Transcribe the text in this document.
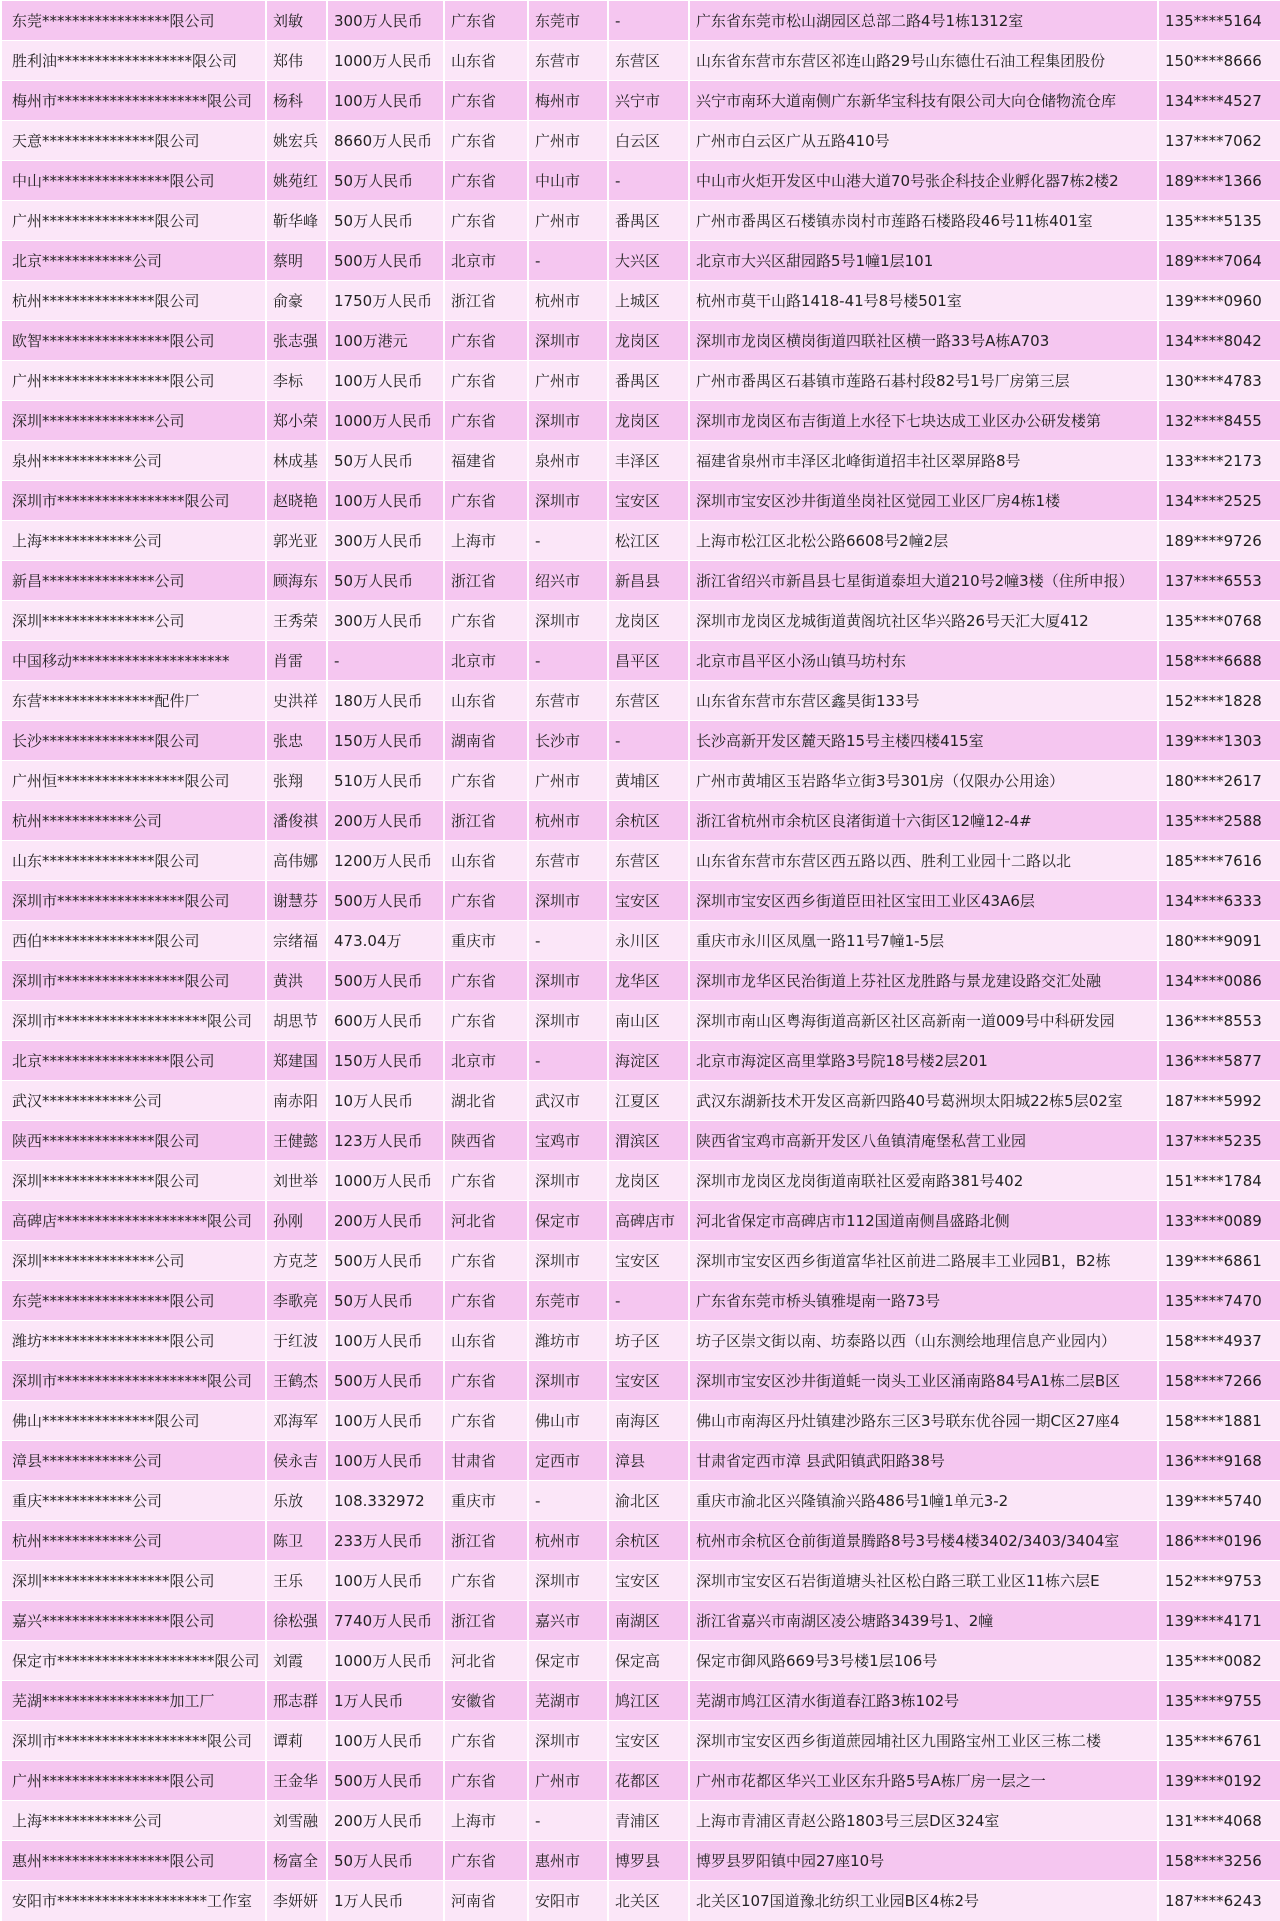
东莞*****************限公司	刘敏	300万人民币	广东省	东莞市	-	广东省东莞市松山湖园区总部二路4号1栋1312室	135****5164
胜利油******************限公司	郑伟	1000万人民币	山东省	东营市	东营区	山东省东营市东营区祁连山路29号山东德仕石油工程集团股份	150****8666
梅州市********************限公司	杨科	100万人民币	广东省	梅州市	兴宁市	兴宁市南环大道南侧广东新华宝科技有限公司大向仓储物流仓库	134****4527
天意***************限公司	姚宏兵	8660万人民币	广东省	广州市	白云区	广州市白云区广从五路410号	137****7062
中山*****************限公司	姚苑红	50万人民币	广东省	中山市	-	中山市火炬开发区中山港大道70号张企科技企业孵化器7栋2楼2	189****1366
广州***************限公司	靳华峰	50万人民币	广东省	广州市	番禺区	广州市番禺区石楼镇赤岗村市莲路石楼路段46号11栋401室	135****5135
北京************公司	蔡明	500万人民币	北京市	-	大兴区	北京市大兴区甜园路5号1幢1层101	189****7064
杭州***************限公司	俞豪	1750万人民币	浙江省	杭州市	上城区	杭州市莫干山路1418-41号8号楼501室	139****0960
欧智*****************限公司	张志强	100万港元	广东省	深圳市	龙岗区	深圳市龙岗区横岗街道四联社区横一路33号A栋A703	134****8042
广州*****************限公司	李标	100万人民币	广东省	广州市	番禺区	广州市番禺区石碁镇市莲路石碁村段82号1号厂房第三层	130****4783
深圳***************公司	郑小荣	1000万人民币	广东省	深圳市	龙岗区	深圳市龙岗区布吉街道上水径下七块达成工业区办公研发楼第	132****8455
泉州************公司	林成基	50万人民币	福建省	泉州市	丰泽区	福建省泉州市丰泽区北峰街道招丰社区翠屏路8号	133****2173
深圳市*****************限公司	赵晓艳	100万人民币	广东省	深圳市	宝安区	深圳市宝安区沙井街道坐岗社区觉园工业区厂房4栋1楼	134****2525
上海************公司	郭光亚	300万人民币	上海市	-	松江区	上海市松江区北松公路6608号2幢2层	189****9726
新昌***************公司	顾海东	50万人民币	浙江省	绍兴市	新昌县	浙江省绍兴市新昌县七星街道泰坦大道210号2幢3楼（住所申报）	137****6553
深圳***************公司	王秀荣	300万人民币	广东省	深圳市	龙岗区	深圳市龙岗区龙城街道黄阁坑社区华兴路26号天汇大厦412	135****0768
中国移动*********************	肖雷	-	北京市	-	昌平区	北京市昌平区小汤山镇马坊村东	158****6688
东营***************配件厂	史洪祥	180万人民币	山东省	东营市	东营区	山东省东营市东营区鑫昊街133号	152****1828
长沙***************限公司	张忠	150万人民币	湖南省	长沙市	-	长沙高新开发区麓天路15号主楼四楼415室	139****1303
广州恒*****************限公司	张翔	510万人民币	广东省	广州市	黄埔区	广州市黄埔区玉岩路华立街3号301房（仅限办公用途）	180****2617
杭州************公司	潘俊祺	200万人民币	浙江省	杭州市	余杭区	浙江省杭州市余杭区良渚街道十六街区12幢12-4#	135****2588
山东***************限公司	高伟娜	1200万人民币	山东省	东营市	东营区	山东省东营市东营区西五路以西、胜利工业园十二路以北	185****7616
深圳市*****************限公司	谢慧芬	500万人民币	广东省	深圳市	宝安区	深圳市宝安区西乡街道臣田社区宝田工业区43A6层	134****6333
西伯***************限公司	宗绪福	473.04万	重庆市	-	永川区	重庆市永川区凤凰一路11号7幢1-5层	180****9091
深圳市*****************限公司	黄洪	500万人民币	广东省	深圳市	龙华区	深圳市龙华区民治街道上芬社区龙胜路与景龙建设路交汇处融	134****0086
深圳市********************限公司	胡思节	600万人民币	广东省	深圳市	南山区	深圳市南山区粤海街道高新区社区高新南一道009号中科研发园	136****8553
北京*****************限公司	郑建国	150万人民币	北京市	-	海淀区	北京市海淀区高里掌路3号院18号楼2层201	136****5877
武汉************公司	南赤阳	10万人民币	湖北省	武汉市	江夏区	武汉东湖新技术开发区高新四路40号葛洲坝太阳城22栋5层02室	187****5992
陕西***************限公司	王健懿	123万人民币	陕西省	宝鸡市	渭滨区	陕西省宝鸡市高新开发区八鱼镇清庵堡私营工业园	137****5235
深圳***************限公司	刘世举	1000万人民币	广东省	深圳市	龙岗区	深圳市龙岗区龙岗街道南联社区爱南路381号402	151****1784
高碑店********************限公司	孙刚	200万人民币	河北省	保定市	高碑店市	河北省保定市高碑店市112国道南侧昌盛路北侧	133****0089
深圳***************公司	方克芝	500万人民币	广东省	深圳市	宝安区	深圳市宝安区西乡街道富华社区前进二路展丰工业园B1，B2栋	139****6861
东莞*****************限公司	李歌亮	50万人民币	广东省	东莞市	-	广东省东莞市桥头镇雅堤南一路73号	135****7470
潍坊*****************限公司	于红波	100万人民币	山东省	潍坊市	坊子区	坊子区崇文街以南、坊泰路以西（山东测绘地理信息产业园内）	158****4937
深圳市********************限公司	王鹤杰	500万人民币	广东省	深圳市	宝安区	深圳市宝安区沙井街道蚝一岗头工业区涌南路84号A1栋二层B区	158****7266
佛山***************限公司	邓海军	100万人民币	广东省	佛山市	南海区	佛山市南海区丹灶镇建沙路东三区3号联东优谷园一期C区27座4	158****1881
漳县************公司	侯永吉	100万人民币	甘肃省	定西市	漳县	甘肃省定西市漳 县武阳镇武阳路38号	136****9168
重庆************公司	乐放	108.332972	重庆市	-	渝北区	重庆市渝北区兴隆镇渝兴路486号1幢1单元3-2	139****5740
杭州************公司	陈卫	233万人民币	浙江省	杭州市	余杭区	杭州市余杭区仓前街道景腾路8号3号楼4楼3402/3403/3404室	186****0196
深圳*****************限公司	王乐	100万人民币	广东省	深圳市	宝安区	深圳市宝安区石岩街道塘头社区松白路三联工业区11栋六层E	152****9753
嘉兴*****************限公司	徐松强	7740万人民币	浙江省	嘉兴市	南湖区	浙江省嘉兴市南湖区凌公塘路3439号1、2幢	139****4171
保定市*********************限公司	刘霞	1000万人民币	河北省	保定市	保定高	保定市御风路669号3号楼1层106号	135****0082
芜湖*****************加工厂	邢志群	1万人民币	安徽省	芜湖市	鸠江区	芜湖市鸠江区清水街道春江路3栋102号	135****9755
深圳市********************限公司	谭莉	100万人民币	广东省	深圳市	宝安区	深圳市宝安区西乡街道蔗园埔社区九围路宝州工业区三栋二楼	135****6761
广州*****************限公司	王金华	500万人民币	广东省	广州市	花都区	广州市花都区华兴工业区东升路5号A栋厂房一层之一	139****0192
上海************公司	刘雪融	200万人民币	上海市	-	青浦区	上海市青浦区青赵公路1803号三层D区324室	131****4068
惠州*****************限公司	杨富全	50万人民币	广东省	惠州市	博罗县	博罗县罗阳镇中园27座10号	158****3256
安阳市********************工作室	李妍妍	1万人民币	河南省	安阳市	北关区	北关区107国道豫北纺织工业园B区4栋2号	187****6243
